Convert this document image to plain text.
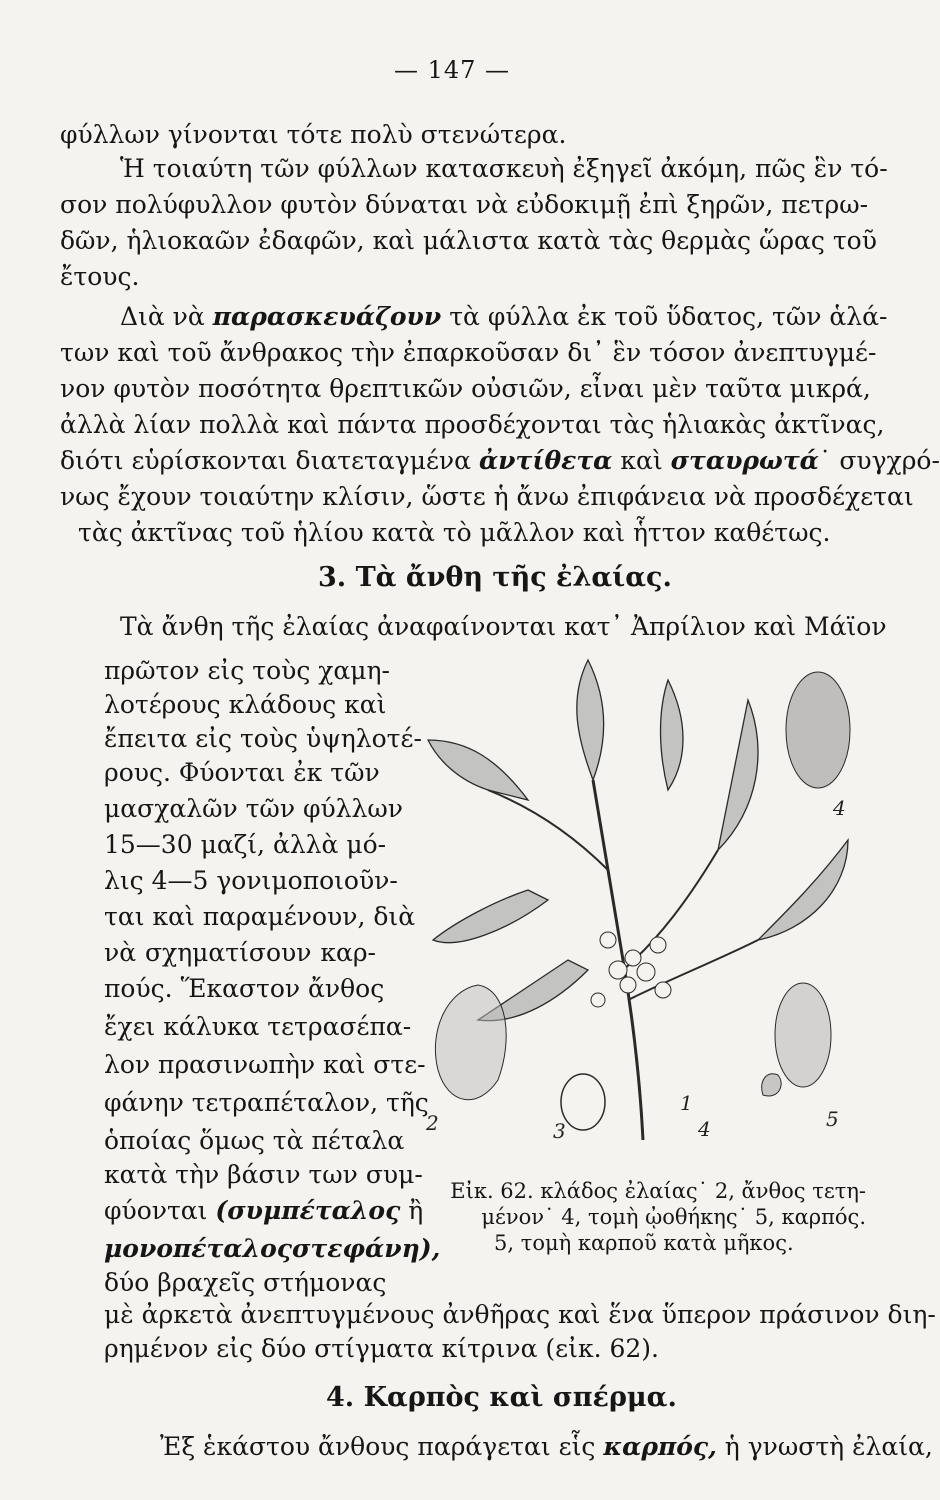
— 147 —
φύλλων γίνονται τότε πολὺ στενώτερα.
Ἡ τοιαύτη τῶν φύλλων κατασκευὴ ἐξηγεῖ ἀκόμη, πῶς ἓν τό-
σον πολύφυλλον φυτὸν δύναται νὰ εὐδοκιμῇ ἐπὶ ξηρῶν, πετρω-
δῶν, ἡλιοκαῶν ἐδαφῶν, καὶ μάλιστα κατὰ τὰς θερμὰς ὥρας τοῦ
ἔτους.
Διὰ νὰ παρασκευάζουν τὰ φύλλα ἐκ τοῦ ὕδατος, τῶν ἁλά-
των καὶ τοῦ ἄνθρακος τὴν ἐπαρκοῦσαν δι᾽ ἓν τόσον ἀνεπτυγμέ-
νον φυτὸν ποσότητα θρεπτικῶν οὐσιῶν, εἶναι μὲν ταῦτα μικρά,
ἀλλὰ λίαν πολλὰ καὶ πάντα προσδέχονται τὰς ἡλιακὰς ἀκτῖνας,
διότι εὑρίσκονται διατεταγμένα ἀντίθετα καὶ σταυρωτά˙ συγχρό-
νως ἔχουν τοιαύτην κλίσιν, ὥστε ἡ ἄνω ἐπιφάνεια νὰ προσδέχεται
τὰς ἀκτῖνας τοῦ ἡλίου κατὰ τὸ μᾶλλον καὶ ἧττον καθέτως.
3. Τὰ ἄνθη τῆς ἐλαίας.
Τὰ ἄνθη τῆς ἐλαίας ἀναφαίνονται κατ᾽ Ἀπρίλιον καὶ Μάϊον
πρῶτον εἰς τοὺς χαμη-
λοτέρους κλάδους καὶ
ἔπειτα εἰς τοὺς ὑψηλοτέ-
ρους. Φύονται ἐκ τῶν
μασχαλῶν τῶν φύλλων
15—30 μαζί, ἀλλὰ μό-
λις 4—5 γονιμοποιοῦν-
ται καὶ παραμένουν, διὰ
νὰ σχηματίσουν καρ-
πούς. Ἕκαστον ἄνθος
ἔχει κάλυκα τετρασέπα-
λον πρασινωπὴν καὶ στε-
φάνην τετραπέταλον, τῆς
ὁποίας ὅμως τὰ πέταλα
κατὰ τὴν βάσιν των συμ-
φύονται (συμπέταλος ἢ
μονοπέταλοςστεφάνη),
δύο βραχεῖς στήμονας
μὲ ἀρκετὰ ἀνεπτυγμένους ἀνθῆρας καὶ ἕνα ὕπερον πράσινον διη-
ρημένον εἰς δύο στίγματα κίτρινα (εἰκ. 62).
2	3
1
4	5
4
Εἰκ. 62. κλάδος ἐλαίας˙ 2, ἄνθος τετη-
μένον˙ 4, τομὴ ᾠοθήκης˙ 5, καρπός.
5, τομὴ καρποῦ κατὰ μῆκος.
4. Καρπὸς καὶ σπέρμα.
Ἐξ ἑκάστου ἄνθους παράγεται εἷς καρπός, ἡ γνωστὴ ἐλαία,
